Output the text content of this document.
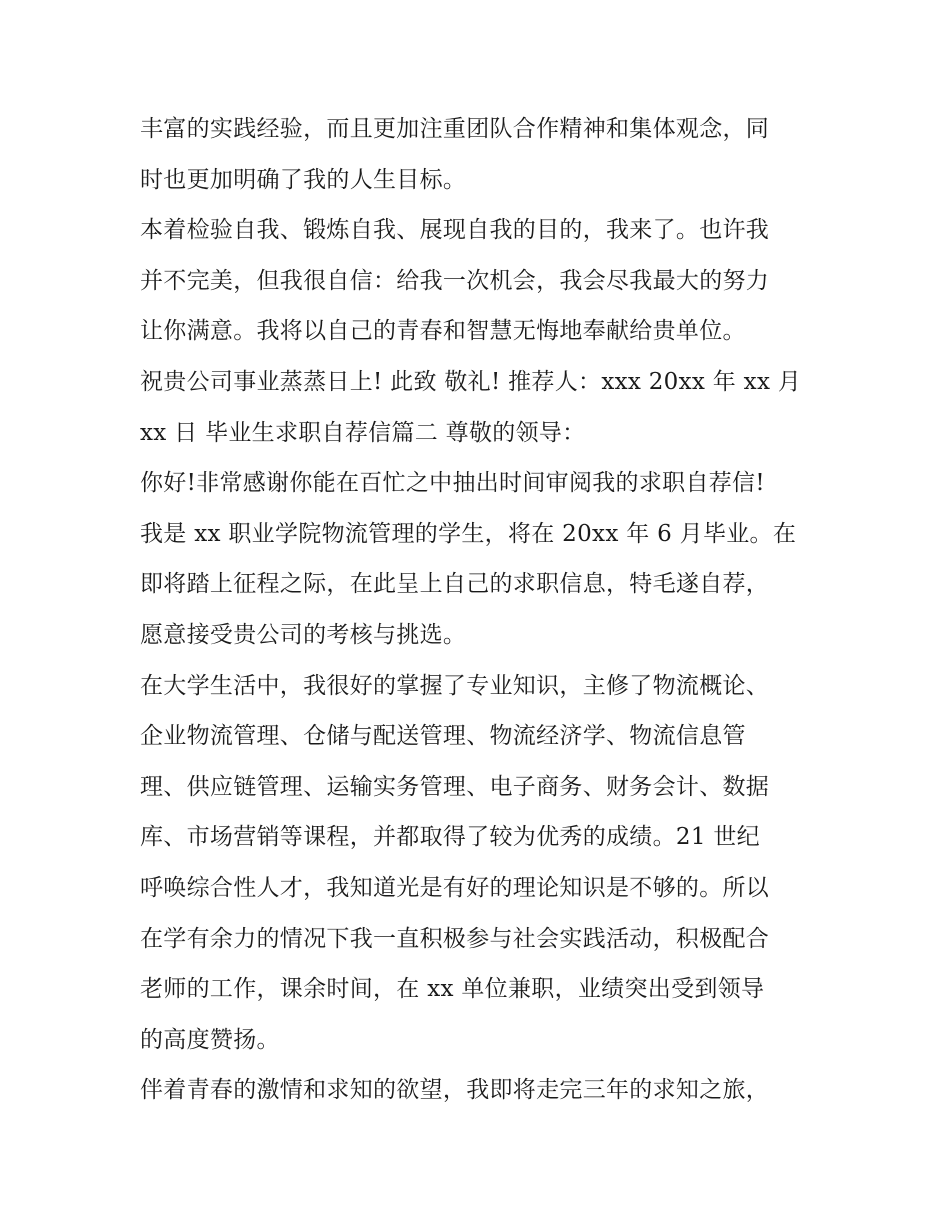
丰富的实践经验，而且更加注重团队合作精神和集体观念，同
时也更加明确了我的人生目标。
本着检验自我、锻炼自我、展现自我的目的，我来了。也许我
并不完美，但我很自信：给我一次机会，我会尽我最大的努力
让你满意。我将以自己的青春和智慧无悔地奉献给贵单位。
祝贵公司事业蒸蒸日上! 此致 敬礼! 推荐人：xxx 20xx 年 xx 月
xx 日 毕业生求职自荐信篇二 尊敬的领导：
你好!非常感谢你能在百忙之中抽出时间审阅我的求职自荐信!
我是 xx 职业学院物流管理的学生，将在 20xx 年 6 月毕业。在
即将踏上征程之际，在此呈上自己的求职信息，特毛遂自荐，
愿意接受贵公司的考核与挑选。
在大学生活中，我很好的掌握了专业知识，主修了物流概论、
企业物流管理、仓储与配送管理、物流经济学、物流信息管
理、供应链管理、运输实务管理、电子商务、财务会计、数据
库、市场营销等课程，并都取得了较为优秀的成绩。21 世纪
呼唤综合性人才，我知道光是有好的理论知识是不够的。所以
在学有余力的情况下我一直积极参与社会实践活动，积极配合
老师的工作，课余时间，在 xx 单位兼职，业绩突出受到领导
的高度赞扬。
伴着青春的激情和求知的欲望，我即将走完三年的求知之旅，
